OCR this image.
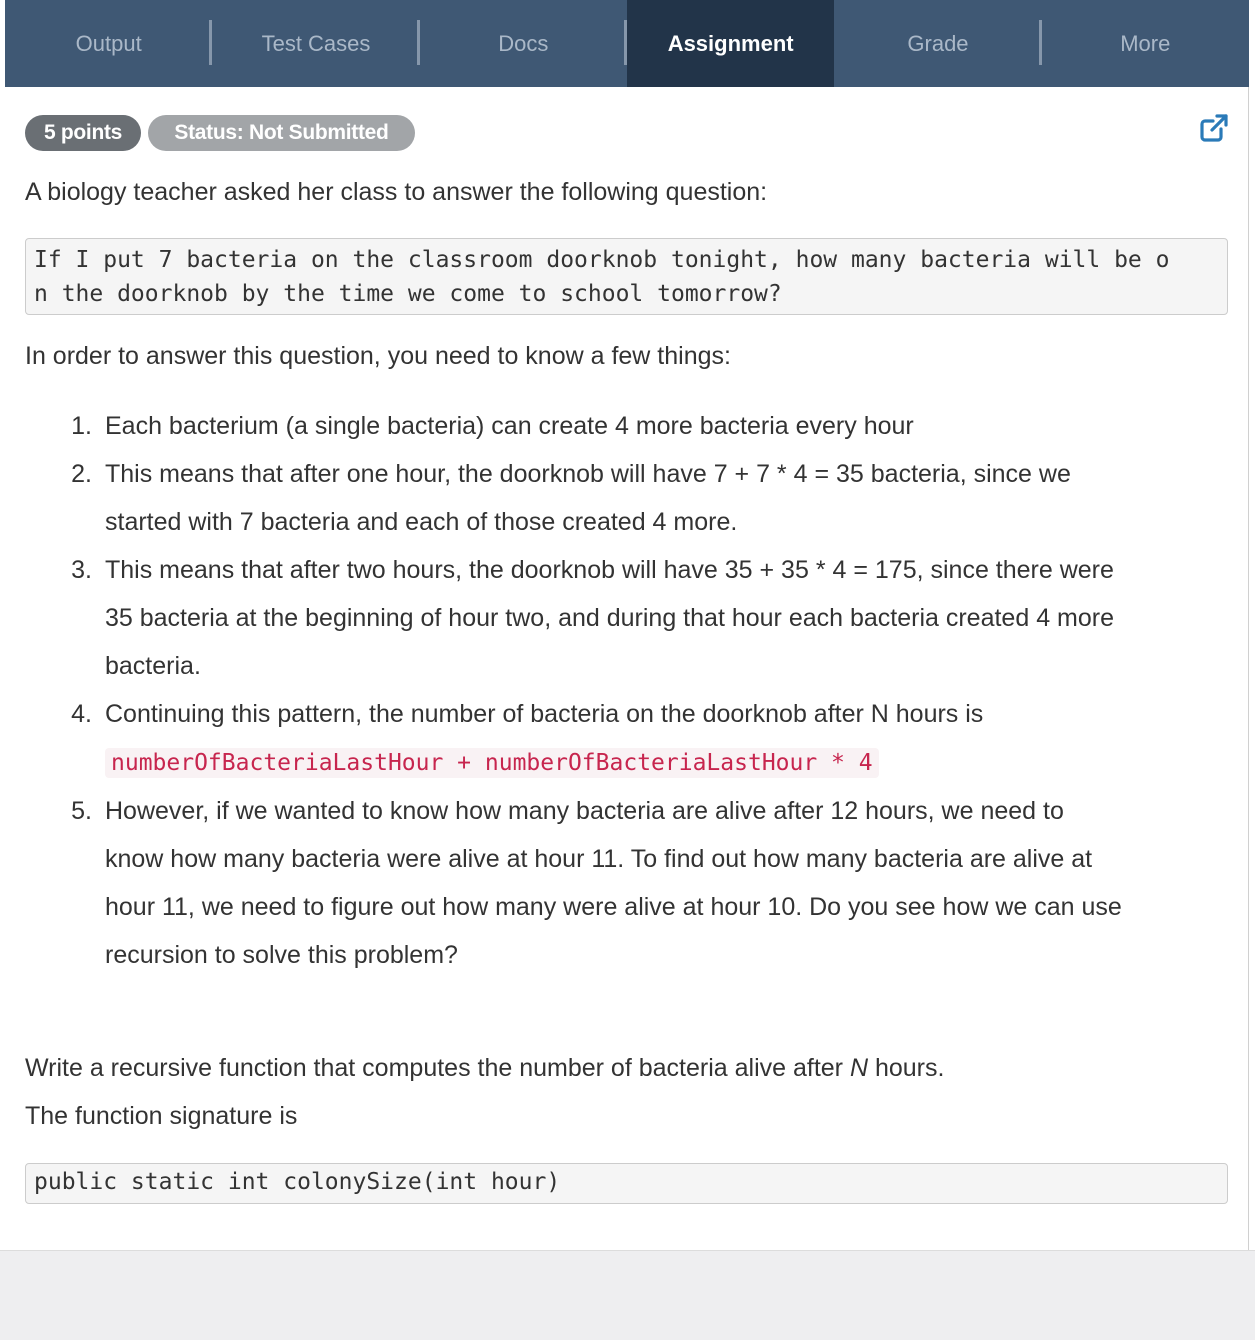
Output	Test Cases	Docs	Assignment	Grade	More
5 points	Status: Not Submitted
A biology teacher asked her class to answer the following question:
If I put 7 bacteria on the classroom doorknob tonight, how many bacteria will be o
n the doorknob by the time we come to school tomorrow?
In order to answer this question, you need to know a few things:
1. Each bacterium (a single bacteria) can create 4 more bacteria every hour
2. This means that after one hour, the doorknob will have 7 + 7 * 4 = 35 bacteria, since we
started with 7 bacteria and each of those created 4 more.
3. This means that after two hours, the doorknob will have 35 + 35 * 4 = 175, since there were
35 bacteria at the beginning of hour two, and during that hour each bacteria created 4 more
bacteria.
4. Continuing this pattern, the number of bacteria on the doorknob after N hours is
numberOfBacteriaLastHour + numberOfBacteriaLastHour * 4
5. However, if we wanted to know how many bacteria are alive after 12 hours, we need to
know how many bacteria were alive at hour 11. To find out how many bacteria are alive at
hour 11, we need to figure out how many were alive at hour 10. Do you see how we can use
recursion to solve this problem?
Write a recursive function that computes the number of bacteria alive after N hours.
The function signature is
public static int colonySize(int hour)
